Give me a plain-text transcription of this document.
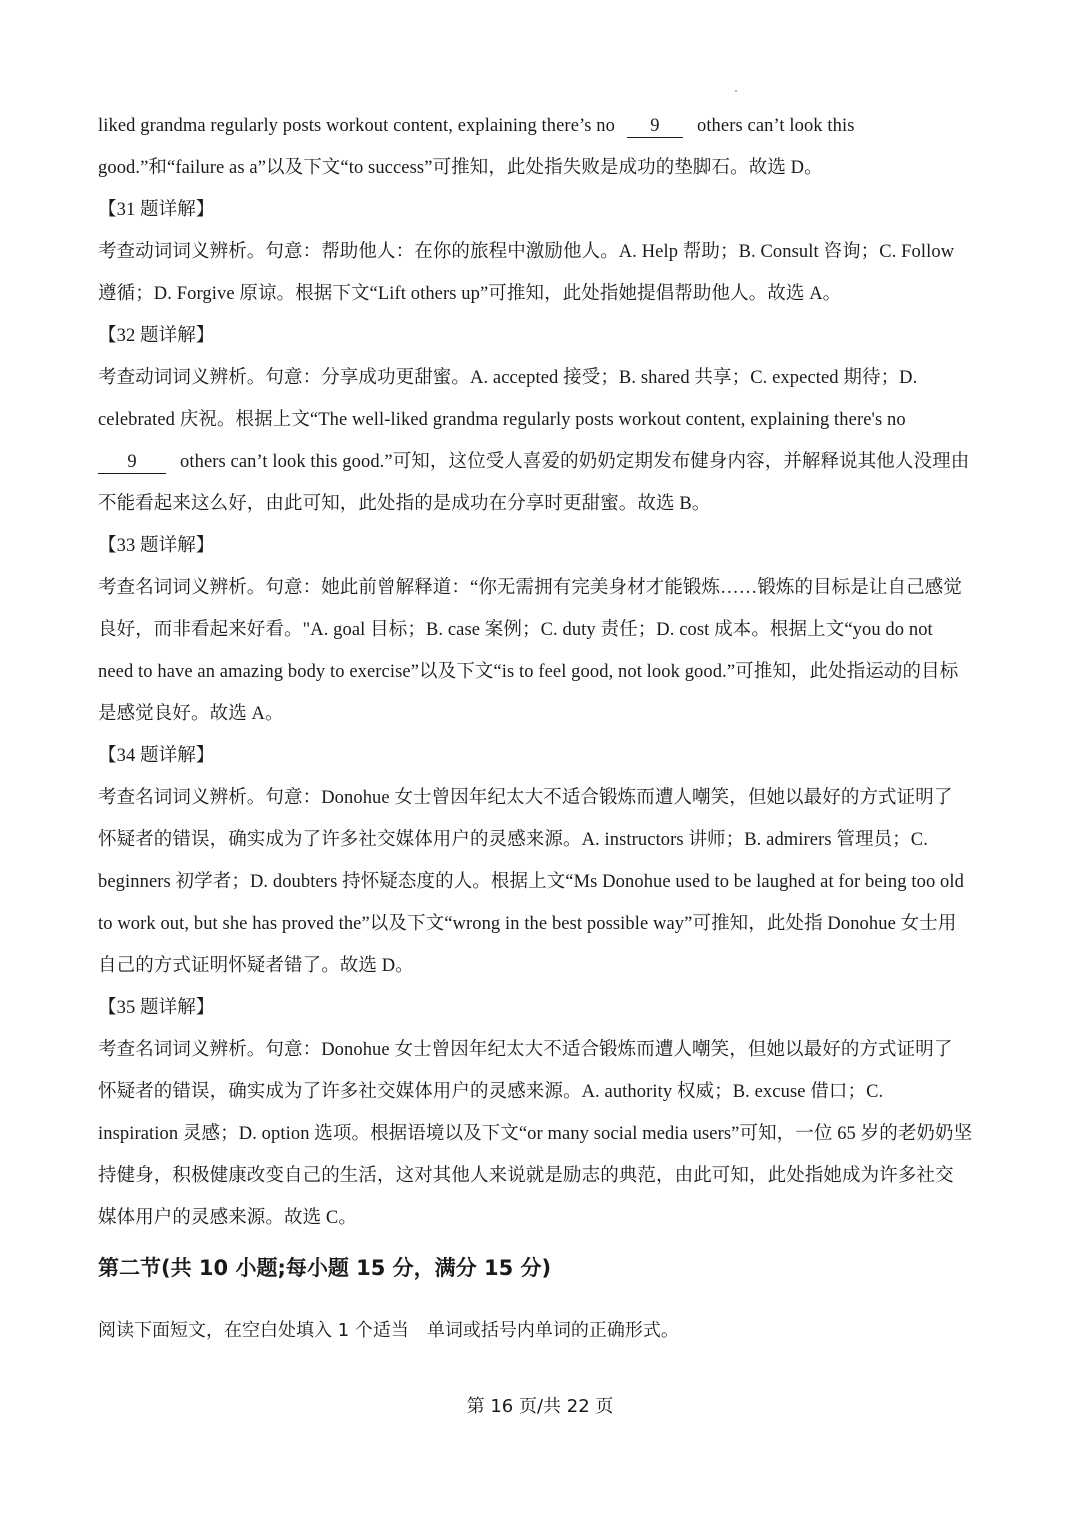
liked grandma regularly posts workout content, explaining there’s no 9 others can’t look this
good.”和“failure as a”以及下文“to success”可推知，此处指失败是成功的垫脚石。故选 D。
【31 题详解】
考查动词词义辨析。句意：帮助他人：在你的旅程中激励他人。A. Help 帮助；B. Consult 咨询；C. Follow
遵循；D. Forgive 原谅。根据下文“Lift others up”可推知，此处指她提倡帮助他人。故选 A。
【32 题详解】
考查动词词义辨析。句意：分享成功更甜蜜。A. accepted 接受；B. shared 共享；C. expected 期待；D.
celebrated 庆祝。根据上文“The well-liked grandma regularly posts workout content, explaining there's no
9 others can’t look this good.”可知，这位受人喜爱的奶奶定期发布健身内容，并解释说其他人没理由
不能看起来这么好，由此可知，此处指的是成功在分享时更甜蜜。故选 B。
【33 题详解】
考查名词词义辨析。句意：她此前曾解释道：“你无需拥有完美身材才能锻炼……锻炼的目标是让自己感觉
良好，而非看起来好看。"A. goal 目标；B. case 案例；C. duty 责任；D. cost 成本。根据上文“you do not
need to have an amazing body to exercise”以及下文“is to feel good, not look good.”可推知，此处指运动的目标
是感觉良好。故选 A。
【34 题详解】
考查名词词义辨析。句意：Donohue 女士曾因年纪太大不适合锻炼而遭人嘲笑，但她以最好的方式证明了
怀疑者的错误，确实成为了许多社交媒体用户的灵感来源。A. instructors 讲师；B. admirers 管理员；C.
beginners 初学者；D. doubters 持怀疑态度的人。根据上文“Ms Donohue used to be laughed at for being too old
to work out, but she has proved the”以及下文“wrong in the best possible way”可推知，此处指 Donohue 女士用
自己的方式证明怀疑者错了。故选 D。
【35 题详解】
考查名词词义辨析。句意：Donohue 女士曾因年纪太大不适合锻炼而遭人嘲笑，但她以最好的方式证明了
怀疑者的错误，确实成为了许多社交媒体用户的灵感来源。A. authority 权威；B. excuse 借口；C.
inspiration 灵感；D. option 选项。根据语境以及下文“or many social media users”可知，一位 65 岁的老奶奶坚
持健身，积极健康改变自己的生活，这对其他人来说就是励志的典范，由此可知，此处指她成为许多社交
媒体用户的灵感来源。故选 C。
第二节(共 10 小题;每小题 15 分，满分 15 分)
阅读下面短文，在空白处填入 1 个适当　单词或括号内单词的正确形式。
第 16 页/共 22 页
